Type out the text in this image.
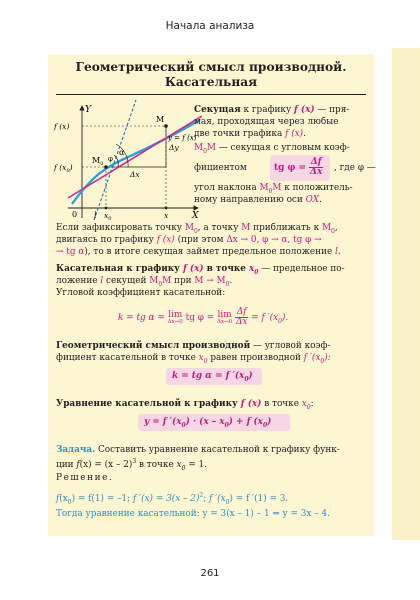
Начала анализа
Геометрический смысл производной.
Касательная
Y
X
0
f (x)
f $(x_0)$
$M_0$
M
α
φ
Δy
Δx
$x_0$	x
y = f (x)
l
Секущая к графику f (x) — пря-
мая, проходящая через любые
две точки графика f (x).
$M_0M$ — секущая с угловым коэф-
фициентом	tg $\varphi = \frac{\Delta f}{\Delta x}$ , где φ —
угол наклона $M_0M$ к положитель-
ному направлению оси OX.
Если зафиксировать точку $M_0$, а точку M приближать к $M_0$,
двигаясь по графику f (x) (при этом Δx → 0, φ → α, tg φ →
→ tg α), то в итоге секущая займет предельное положение l.
Касательная к графику f (x) в точке $x_0$ — предельное по-
ложение l секущей $M_0M$ при $M \to M_0$.
Угловой коэффициент касательной:
k = tg α = lim
Δx→0 tg φ = lim
Δx→0
$\frac{\Delta f}{\Delta x} = f$ $'(x_0)$.
Геометрический смысл производной — угловой коэф-
фициент касательной в точке $x_0$ равен производной f $'(x_0)$:
k = tg α = f $'(x_0)$
Уравнение касательной к графику f (x) в точке $x_0$:
y = f $'(x_0) \cdot (x - x_0) + f$ $(x_0)$
Задача. Составить уравнение касательной к графику функ-
ции f(x) = (x – 2)$^3$ в точке $x_0 = 1$.
Решение.
$f(x_0) = f(1) = -1$; f ′(x) = 3(x – 2)$^2$; f $'(x_0) = f$ ′(1) = 3.
Тогда уравнение касательной: y = 3(x – 1) – 1 ⇔ y = 3x – 4.
261
